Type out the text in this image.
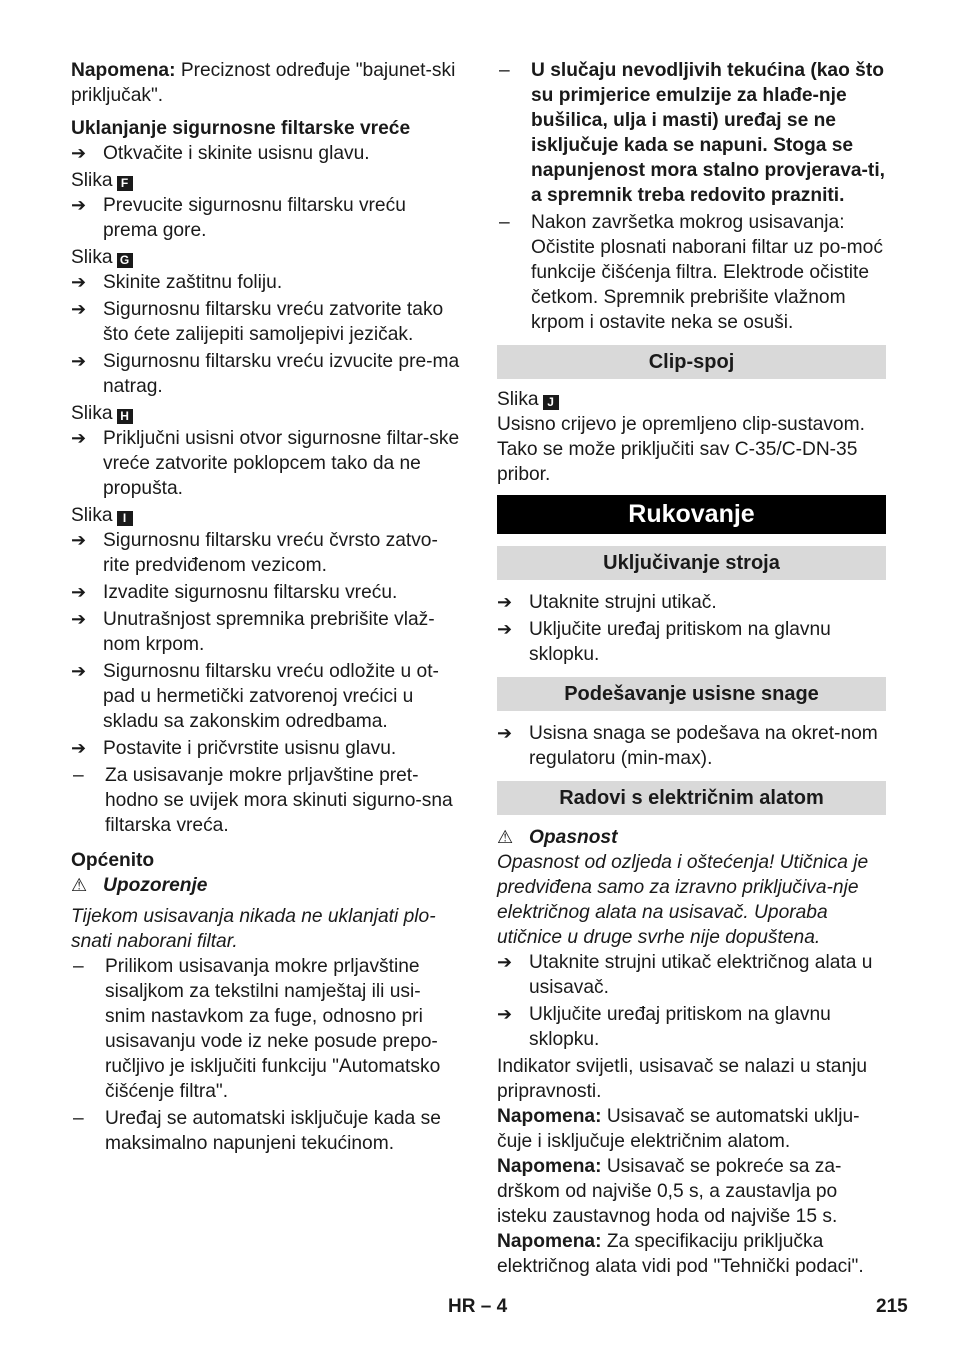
Napomena: Preciznost određuje "bajunet-ski priključak".

Uklanjanje sigurnosne filtarske vreće

➔ Otkvačite i skinite usisnu glavu.

Slika F

➔ Prevucite sigurnosnu filtarsku vreću prema gore.

Slika G

➔ Skinite zaštitnu foliju.
➔ Sigurnosnu filtarsku vreću zatvorite tako što ćete zalijepiti samoljepivi jezičak.
➔ Sigurnosnu filtarsku vreću izvucite pre-ma natrag.

Slika H

➔ Priključni usisni otvor sigurnosne filtar-ske vreće zatvorite poklopcem tako da ne propušta.

Slika I

➔ Sigurnosnu filtarsku vreću čvrsto zatvo-rite predviđenom vezicom.
➔ Izvadite sigurnosnu filtarsku vreću.
➔ Unutrašnjost spremnika prebrišite vlaž-nom krpom.
➔ Sigurnosnu filtarsku vreću odložite u ot-pad u hermetički zatvorenoj vrećici u skladu sa zakonskim odredbama.
➔ Postavite i pričvrstite usisnu glavu.
–	Za usisavanje mokre prljavštine pret-hodno se uvijek mora skinuti sigurno-sna filtarska vreća.

Općenito

⚠ Upozorenje

Tijekom usisavanja nikada ne uklanjati plo-snati naborani filtar.

–	Prilikom usisavanja mokre prljavštine sisaljkom za tekstilni namještaj ili usi-snim nastavkom za fuge, odnosno pri usisavanju vode iz neke posude prepo-ručljivo je isključiti funkciju "Automatsko čišćenje filtra".
–	Uređaj se automatski isključuje kada se maksimalno napunjeni tekućinom.
–	U slučaju nevodljivih tekućina (kao što su primjerice emulzije za hlađe-nje bušilica, ulja i masti) uređaj se ne isključuje kada se napuni. Stoga se napunjenost mora stalno provjerava-ti, a spremnik treba redovito prazniti.
–	Nakon završetka mokrog usisavanja: Očistite plosnati naborani filtar uz po-moć funkcije čišćenja filtra. Elektrode očistite četkom. Spremnik prebrišite vlažnom krpom i ostavite neka se osuši.
Clip-spoj

Slika J

Usisno crijevo je opremljeno clip-sustavom. Tako se može priključiti sav C-35/C-DN-35 pribor.

Rukovanje
Uključivanje stroja
➔ Utaknite strujni utikač.
➔ Uključite uređaj pritiskom na glavnu sklopku.
Podešavanje usisne snage
➔ Usisna snaga se podešava na okret-nom regulatoru (min-max).
Radovi s električnim alatom
⚠ Opasnost

Opasnost od ozljeda i oštećenja! Utičnica je predviđena samo za izravno priključiva-nje električnog alata na usisavač. Uporaba utičnice u druge svrhe nije dopuštena.

➔ Utaknite strujni utikač električnog alata u usisavač.
➔ Uključite uređaj pritiskom na glavnu sklopku.

Indikator svijetli, usisavač se nalazi u stanju pripravnosti.

Napomena: Usisavač se automatski uklju-čuje i isključuje električnim alatom.

Napomena: Usisavač se pokreće sa za-drškom od najviše 0,5 s, a zaustavlja po isteku zaustavnog hoda od najviše 15 s.

Napomena: Za specifikaciju priključka električnog alata vidi pod "Tehnički podaci".

HR – 4	215
